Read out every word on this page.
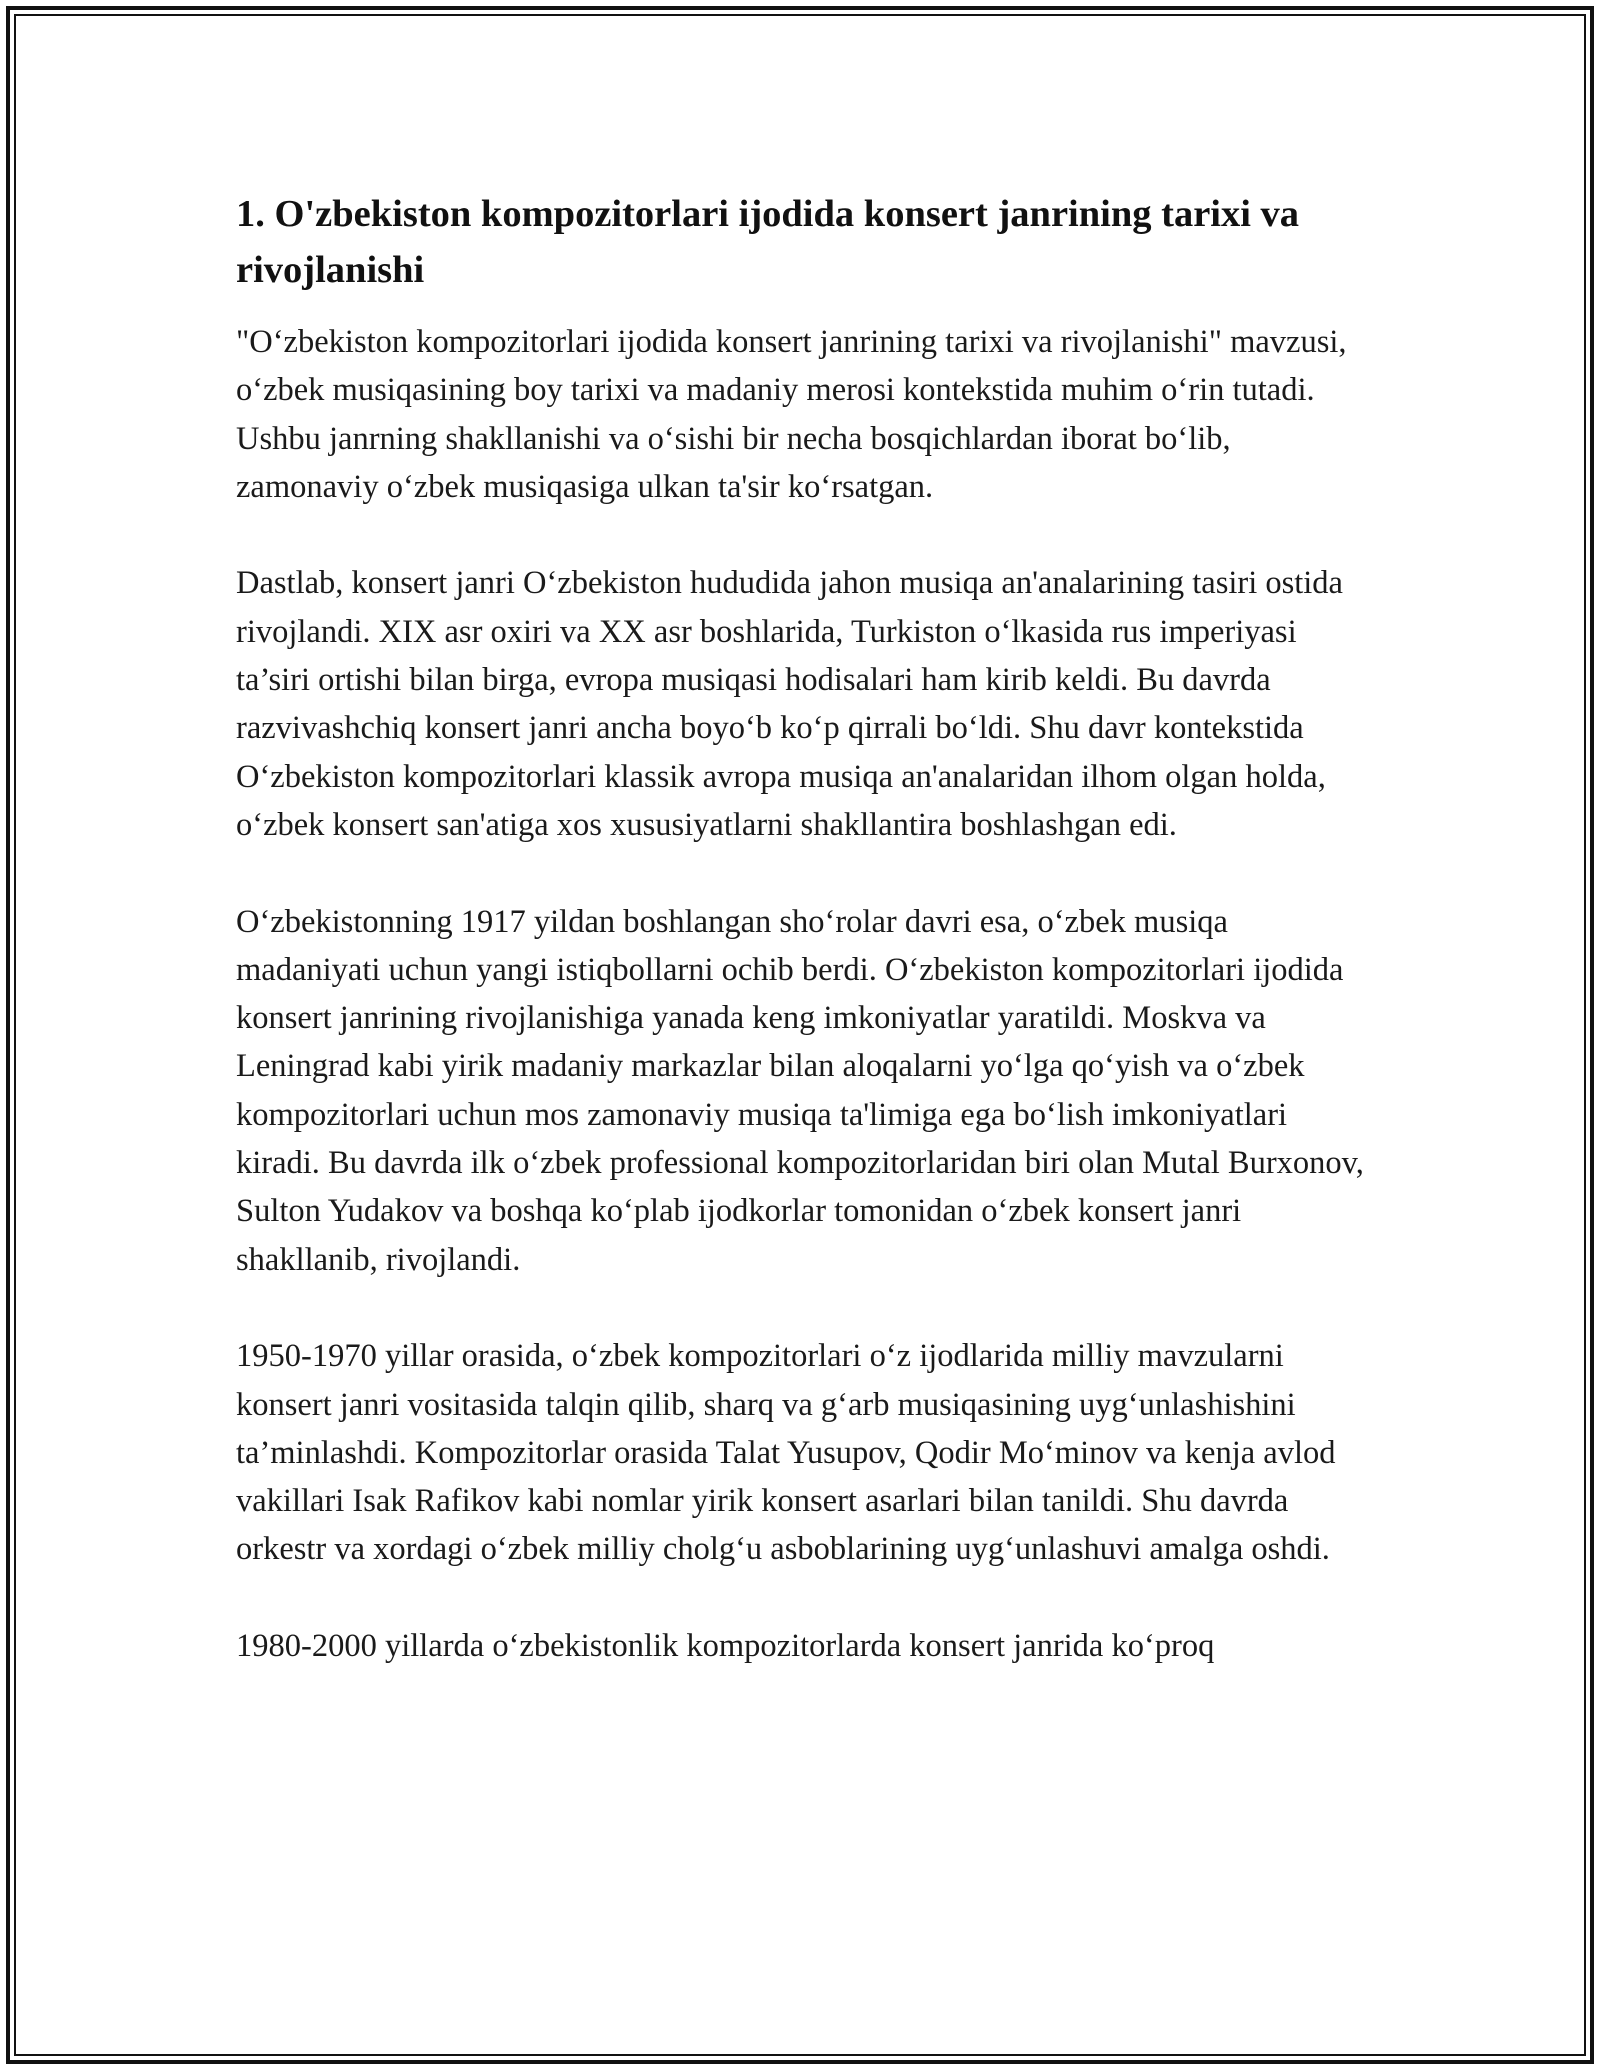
1. O'zbekiston kompozitorlari ijodida konsert janrining tarixi va rivojlanishi

"O‘zbekiston kompozitorlari ijodida konsert janrining tarixi va rivojlanishi" mavzusi, o‘zbek musiqasining boy tarixi va madaniy merosi kontekstida muhim o‘rin tutadi. Ushbu janrning shakllanishi va o‘sishi bir necha bosqichlardan iborat bo‘lib, zamonaviy o‘zbek musiqasiga ulkan ta'sir ko‘rsatgan.

Dastlab, konsert janri O‘zbekiston hududida jahon musiqa an'analarining tasiri ostida rivojlandi. XIX asr oxiri va XX asr boshlarida, Turkiston o‘lkasida rus imperiyasi ta’siri ortishi bilan birga, evropa musiqasi hodisalari ham kirib keldi. Bu davrda razvivashchiq konsert janri ancha boyo‘b ko‘p qirrali bo‘ldi. Shu davr kontekstida O‘zbekiston kompozitorlari klassik avropa musiqa an'analaridan ilhom olgan holda, o‘zbek konsert san'atiga xos xususiyatlarni shakllantira boshlashgan edi.

O‘zbekistonning 1917 yildan boshlangan sho‘rolar davri esa, o‘zbek musiqa madaniyati uchun yangi istiqbollarni ochib berdi. O‘zbekiston kompozitorlari ijodida konsert janrining rivojlanishiga yanada keng imkoniyatlar yaratildi. Moskva va Leningrad kabi yirik madaniy markazlar bilan aloqalarni yo‘lga qo‘yish va o‘zbek kompozitorlari uchun mos zamonaviy musiqa ta'limiga ega bo‘lish imkoniyatlari kiradi. Bu davrda ilk o‘zbek professional kompozitorlaridan biri olan Mutal Burxonov, Sulton Yudakov va boshqa ko‘plab ijodkorlar tomonidan o‘zbek konsert janri shakllanib, rivojlandi.

1950-1970 yillar orasida, o‘zbek kompozitorlari o‘z ijodlarida milliy mavzularni konsert janri vositasida talqin qilib, sharq va g‘arb musiqasining uyg‘unlashishini ta’minlashdi. Kompozitorlar orasida Talat Yusupov, Qodir Mo‘minov va kenja avlod vakillari Isak Rafikov kabi nomlar yirik konsert asarlari bilan tanildi. Shu davrda orkestr va xordagi o‘zbek milliy cholg‘u asboblarining uyg‘unlashuvi amalga oshdi.

1980-2000 yillarda o‘zbekistonlik kompozitorlarda konsert janrida ko‘proq
